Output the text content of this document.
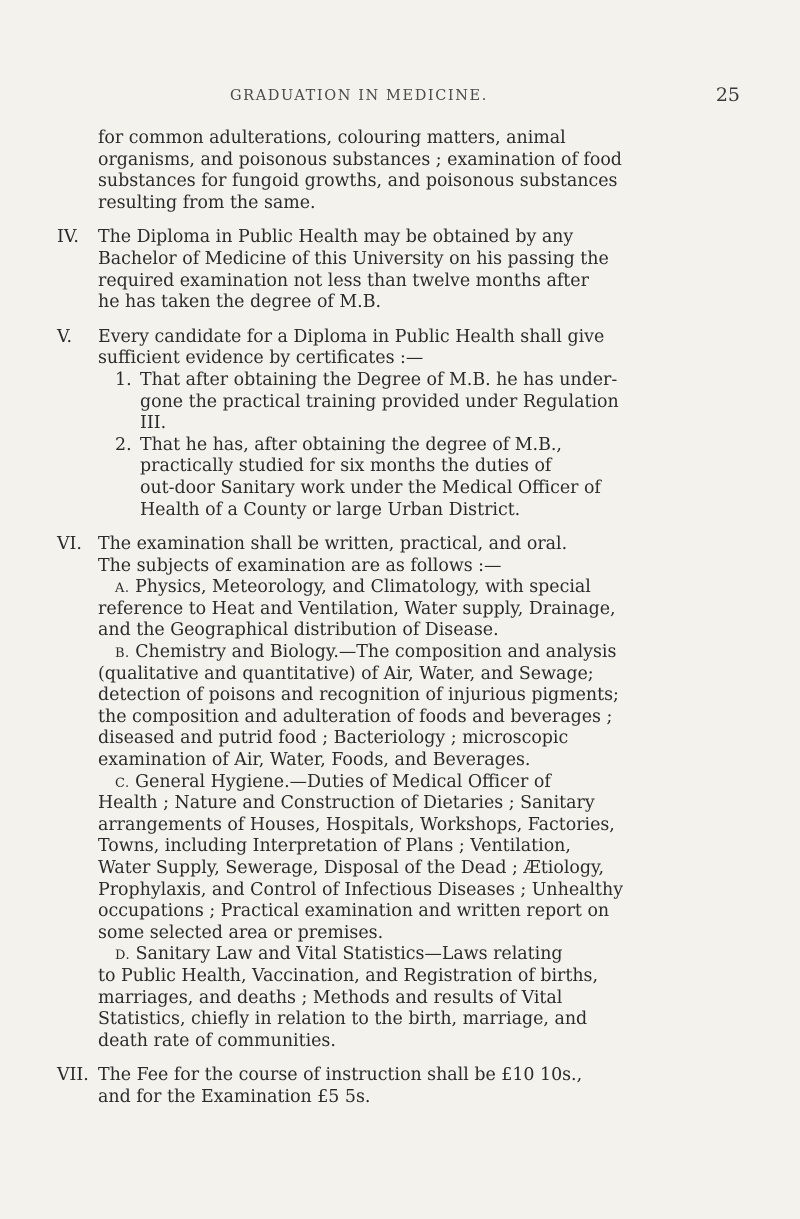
GRADUATION IN MEDICINE.	25
for common adulterations, colouring matters, animal
organisms, and poisonous substances ; examination of food
substances for fungoid growths, and poisonous substances
resulting from the same.
IV. The Diploma in Public Health may be obtained by any
Bachelor of Medicine of this University on his passing the
required examination not less than twelve months after
he has taken the degree of M.B.
V. Every candidate for a Diploma in Public Health shall give
sufficient evidence by certificates :—
1. That after obtaining the Degree of M.B. he has under-
gone the practical training provided under Regulation
III.
2. That he has, after obtaining the degree of M.B.,
practically studied for six months the duties of
out-door Sanitary work under the Medical Officer of
Health of a County or large Urban District.
VI. The examination shall be written, practical, and oral.
The subjects of examination are as follows :—
A. Physics, Meteorology, and Climatology, with special
reference to Heat and Ventilation, Water supply, Drainage,
and the Geographical distribution of Disease.
B. Chemistry and Biology.—The composition and analysis
(qualitative and quantitative) of Air, Water, and Sewage;
detection of poisons and recognition of injurious pigments;
the composition and adulteration of foods and beverages ;
diseased and putrid food ; Bacteriology ; microscopic
examination of Air, Water, Foods, and Beverages.
C. General Hygiene.—Duties of Medical Officer of
Health ; Nature and Construction of Dietaries ; Sanitary
arrangements of Houses, Hospitals, Workshops, Factories,
Towns, including Interpretation of Plans ; Ventilation,
Water Supply, Sewerage, Disposal of the Dead ; Ætiology,
Prophylaxis, and Control of Infectious Diseases ; Unhealthy
occupations ; Practical examination and written report on
some selected area or premises.
D. Sanitary Law and Vital Statistics—Laws relating
to Public Health, Vaccination, and Registration of births,
marriages, and deaths ; Methods and results of Vital
Statistics, chiefly in relation to the birth, marriage, and
death rate of communities.
VII. The Fee for the course of instruction shall be £10 10s.,
and for the Examination £5 5s.
